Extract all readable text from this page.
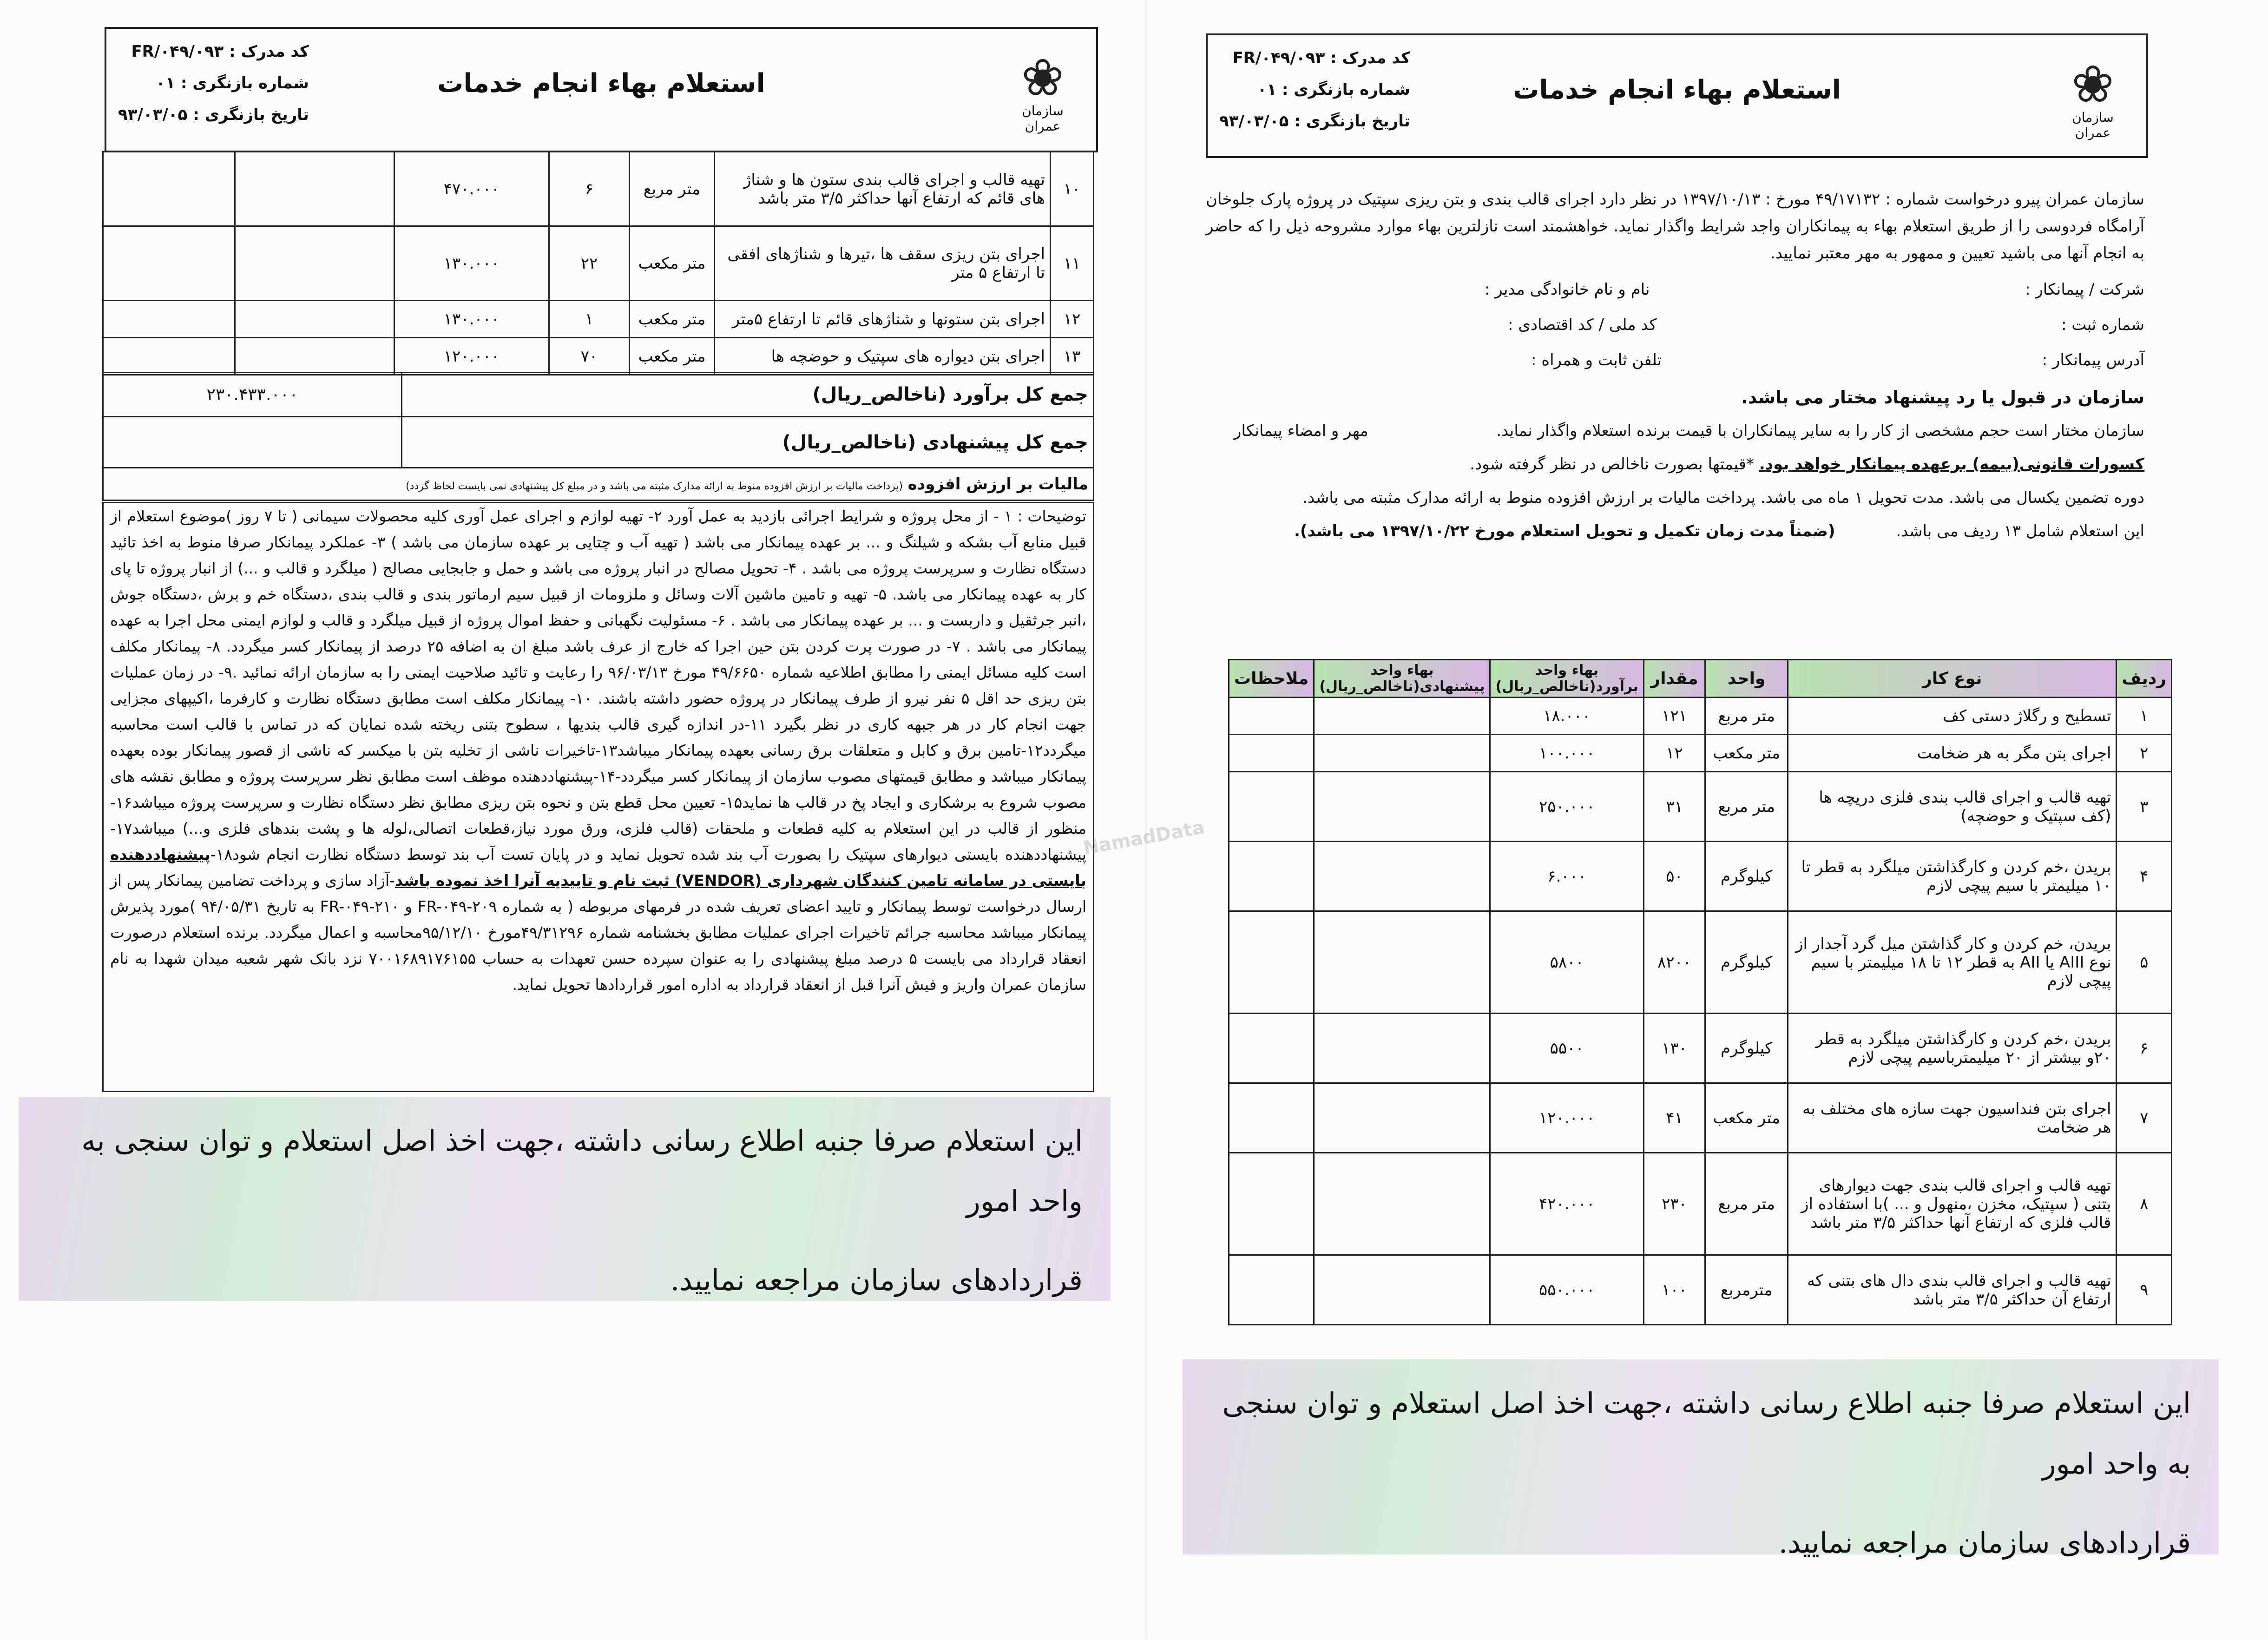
❀
سازمان عمران
استعلام بهاء انجام خدمات
کد مدرک : FR/۰۴۹/۰۹۳
شماره بازنگری : ۰۱
تاریخ بازنگری : ۹۳/۰۳/۰۵

سازمان عمران پیرو درخواست شماره : ۴۹/۱۷۱۳۲ مورخ : ۱۳۹۷/۱۰/۱۳ در نظر دارد اجرای قالب بندی و بتن ریزی سپتیک در پروژه پارک جلوخان آرامگاه فردوسی را از طریق استعلام بهاء به پیمانکاران واجد شرایط واگذار نماید. خواهشمند است نازلترین بهاء موارد مشروحه ذیل را که حاضر به انجام آنها می باشید تعیین و ممهور به مهر معتبر نمایید.

شرکت / پیمانکار :
نام و نام خانوادگی مدیر :
شماره ثبت :
کد ملی / کد اقتصادی :
آدرس پیمانکار :
تلفن ثابت و همراه :

سازمان در قبول یا رد پیشنهاد مختار می باشد.

سازمان مختار است حجم مشخصی از کار را به سایر پیمانکاران با قیمت برنده استعلام واگذار نماید.
مهر و امضاء پیمانکار

کسورات قانونی(بیمه) برعهده پیمانکار خواهد بود. *قیمتها بصورت ناخالص در نظر گرفته شود.

دوره تضمین یکسال می باشد. مدت تحویل ۱ ماه می باشد. پرداخت مالیات بر ارزش افزوده منوط به ارائه مدارک مثبته می باشد.

این استعلام شامل ۱۳ ردیف می باشد. (ضمناً مدت زمان تکمیل و تحویل استعلام مورخ ۱۳۹۷/۱۰/۲۲ می باشد).

ردیف	نوع کار	واحد	مقدار	بهاء واحد برآورد(ناخالص_ریال)	بهاء واحد پیشنهادی(ناخالص_ریال)	ملاحظات
۱	تسطیح و رگلاژ دستی کف	متر مربع	۱۲۱	۱۸.۰۰۰		
۲	اجرای بتن مگر به هر ضخامت	متر مکعب	۱۲	۱۰۰.۰۰۰		
۳	تهیه قالب و اجرای قالب بندی فلزی دریچه ها (کف سپتیک و حوضچه)	متر مربع	۳۱	۲۵۰.۰۰۰		
۴	بریدن ،خم کردن و کارگذاشتن میلگرد به قطر تا ۱۰ میلیمتر با سیم پیچی لازم	کیلوگرم	۵۰	۶.۰۰۰		
۵	بریدن، خم کردن و کار گذاشتن میل گرد آجدار از نوع AIII یا AII به قطر ۱۲ تا ۱۸ میلیمتر با سیم پیچی لازم	کیلوگرم	۸۲۰۰	۵۸۰۰		
۶	بریدن ،خم کردن و کارگذاشتن میلگرد به قطر ۲۰و بیشتر از ۲۰ میلیمترباسیم پیچی لازم	کیلوگرم	۱۳۰	۵۵۰۰		
۷	اجرای بتن فنداسیون جهت سازه های مختلف به هر ضخامت	متر مکعب	۴۱	۱۲۰.۰۰۰		
۸	تهیه قالب و اجرای قالب بندی جهت دیوارهای بتنی ( سپتیک، مخزن ،منهول و ... )با استفاده از قالب فلزی که ارتفاع آنها حداکثر ۳/۵ متر باشد	متر مربع	۲۳۰	۴۲۰.۰۰۰		
۹	تهیه قالب و اجرای قالب بندی دال های بتنی که ارتفاع آن حداکثر ۳/۵ متر باشد	مترمربع	۱۰۰	۵۵۰.۰۰۰		
این استعلام صرفا جنبه اطلاع رسانی داشته ،جهت اخذ اصل استعلام و توان سنجی به واحد امور
قراردادهای سازمان مراجعه نمایید.
❀
سازمان عمران
استعلام بهاء انجام خدمات
کد مدرک : FR/۰۴۹/۰۹۳
شماره بازنگری : ۰۱
تاریخ بازنگری : ۹۳/۰۳/۰۵
۱۰	تهیه قالب و اجرای قالب بندی ستون ها و شناژ های قائم که ارتفاع آنها حداکثر ۳/۵ متر باشد	متر مربع	۶	۴۷۰.۰۰۰		
۱۱	اجرای بتن ریزی سقف ها ،تیرها و شناژهای افقی تا ارتفاع ۵ متر	متر مکعب	۲۲	۱۳۰.۰۰۰		
۱۲	اجرای بتن ستونها و شناژهای قائم تا ارتفاع ۵متر	متر مکعب	۱	۱۳۰.۰۰۰		
۱۳	اجرای بتن دیواره های سپتیک و حوضچه ها	متر مکعب	۷۰	۱۲۰.۰۰۰		
جمع کل برآورد (ناخالص_ریال)	۲۳۰.۴۳۳.۰۰۰
جمع کل پیشنهادی (ناخالص_ریال)	
مالیات بر ارزش افزوده (پرداخت مالیات بر ارزش افزوده منوط به ارائه مدارک مثبته می باشد و در مبلغ کل پیشنهادی نمی بایست لحاظ گردد)	

توضیحات : ۱ - از محل پروژه و شرایط اجرائی بازدید به عمل آورد ۲- تهیه لوازم و اجرای عمل آوری کلیه محصولات سیمانی ( تا ۷ روز )موضوع استعلام از قبیل منابع آب بشکه و شیلنگ و ... بر عهده پیمانکار می باشد ( تهیه آب و چتایی بر عهده سازمان می باشد ) ۳- عملکرد پیمانکار صرفا منوط به اخذ تائید دستگاه نظارت و سرپرست پروژه می باشد . ۴- تحویل مصالح در انبار پروژه می باشد و حمل و جابجایی مصالح ( میلگرد و قالب و ...) از انبار پروژه تا پای کار به عهده پیمانکار می باشد. ۵- تهیه و تامین ماشین آلات وسائل و ملزومات از قبیل سیم ارماتور بندی و قالب بندی ،دستگاه خم و برش ،دستگاه جوش ،انبر جرثقیل و داربست و ... بر عهده پیمانکار می باشد . ۶- مسئولیت نگهبانی و حفظ اموال پروژه از قبیل میلگرد و قالب و لوازم ایمنی محل اجرا به عهده پیمانکار می باشد . ۷- در صورت پرت کردن بتن حین اجرا که خارج از عرف باشد مبلغ ان به اضافه ۲۵ درصد از پیمانکار کسر میگردد. ۸- پیمانکار مکلف است کلیه مسائل ایمنی را مطابق اطلاعیه شماره ۴۹/۶۶۵۰ مورخ ۹۶/۰۳/۱۳ را رعایت و تائید صلاحیت ایمنی را به سازمان ارائه نمائید .۹- در زمان عملیات بتن ریزی حد اقل ۵ نفر نیرو از طرف پیمانکار در پروژه حضور داشته باشند. ۱۰- پیمانکار مکلف است مطابق دستگاه نظارت و کارفرما ،اکیپهای مجزایی جهت انجام کار در هر جبهه کاری در نظر بگیرد ۱۱-در اندازه گیری قالب بندیها ، سطوح بتنی ریخته شده نمایان که در تماس با قالب است محاسبه میگردد۱۲-تامین برق و کابل و متعلقات برق رسانی بعهده پیمانکار میباشد۱۳-تاخیرات ناشی از تخلیه بتن با میکسر که ناشی از قصور پیمانکار بوده بعهده پیمانکار میباشد و مطابق قیمتهای مصوب سازمان از پیمانکار کسر میگردد-۱۴-پیشنهاددهنده موظف است مطابق نظر سرپرست پروژه و مطابق نقشه های مصوب شروع به برشکاری و ایجاد پخ در قالب ها نماید۱۵- تعیین محل قطع بتن و نحوه بتن ریزی مطابق نظر دستگاه نظارت و سرپرست پروژه میباشد۱۶-منظور از قالب در این استعلام به کلیه قطعات و ملحقات (قالب فلزی، ورق مورد نیاز،قطعات اتصالی،لوله ها و پشت بندهای فلزی و...) میباشد۱۷-پیشنهاددهنده بایستی دیوارهای سپتیک را بصورت آب بند شده تحویل نماید و در پایان تست آب بند توسط دستگاه نظارت انجام شود۱۸-پیشنهاددهنده بایستی در سامانه تامین کنندگان شهرداری (VENDOR) ثبت نام و تاییدیه آنرا اخذ نموده باشد-آزاد سازی و پرداخت تضامین پیمانکار پس از ارسال درخواست توسط پیمانکار و تایید اعضای تعریف شده در فرمهای مربوطه ( به شماره FR-۰۴۹-۲۰۹ و FR-۰۴۹-۲۱۰ به تاریخ ۹۴/۰۵/۳۱ )مورد پذیرش پیمانکار میباشد محاسبه جرائم تاخیرات اجرای عملیات مطابق بخشنامه شماره ۴۹/۳۱۲۹۶مورخ ۹۵/۱۲/۱۰محاسبه و اعمال میگردد. برنده استعلام درصورت انعقاد قرارداد می بایست ۵ درصد مبلغ پیشنهادی را به عنوان سپرده حسن تعهدات به حساب ۷۰۰۱۶۸۹۱۷۶۱۵۵ نزد بانک شهر شعبه میدان شهدا به نام سازمان عمران واریز و فیش آنرا قبل از انعقاد قرارداد به اداره امور قراردادها تحویل نماید.

NamadData
این استعلام صرفا جنبه اطلاع رسانی داشته ،جهت اخذ اصل استعلام و توان سنجی به واحد امور
قراردادهای سازمان مراجعه نمایید.
